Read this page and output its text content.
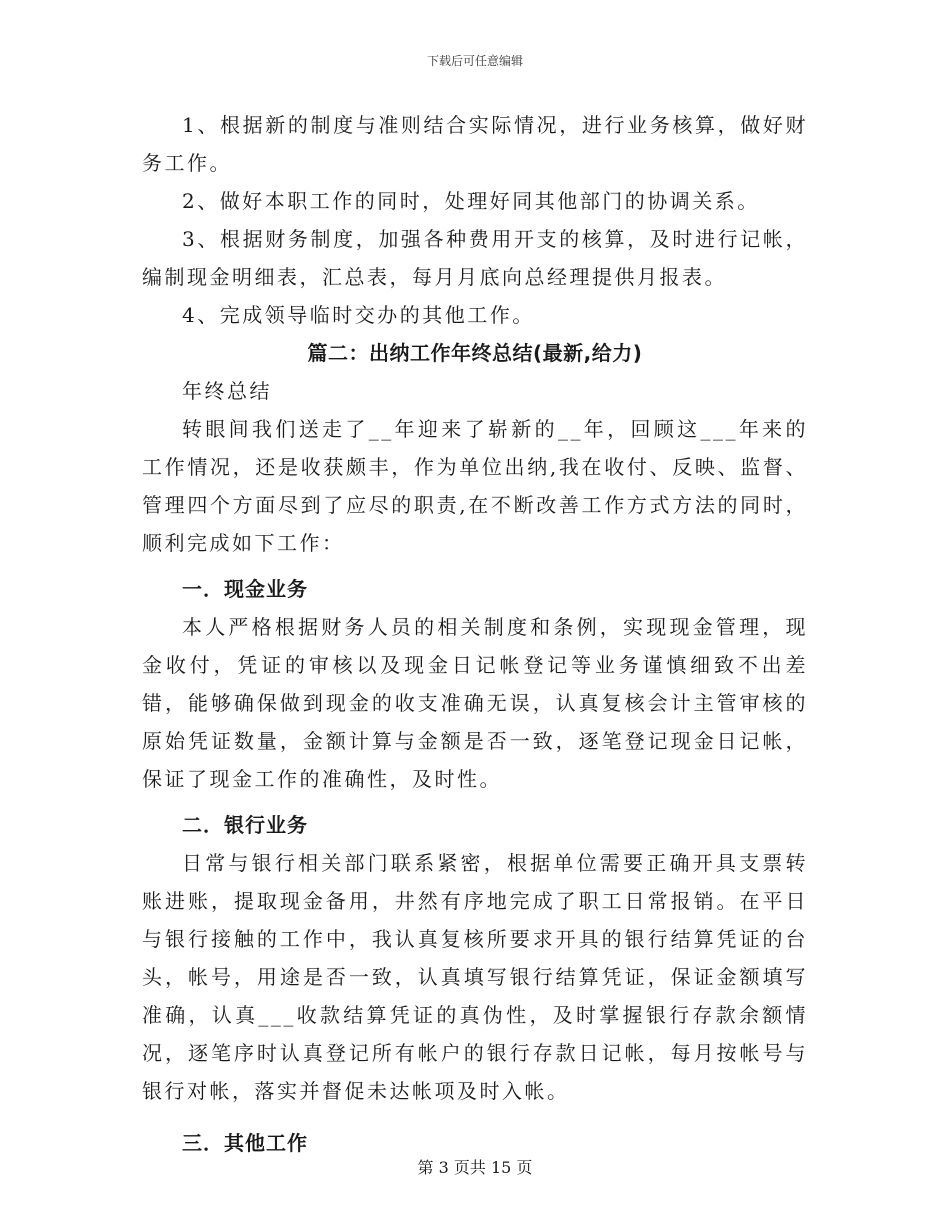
下载后可任意编辑

1、根据新的制度与准则结合实际情况，进行业务核算，做好财务工作。

2、做好本职工作的同时，处理好同其他部门的协调关系。

3、根据财务制度，加强各种费用开支的核算，及时进行记帐，编制现金明细表，汇总表，每月月底向总经理提供月报表。

4、完成领导临时交办的其他工作。

篇二：出纳工作年终总结(最新,给力)

年终总结

转眼间我们送走了__年迎来了崭新的__年，回顾这___年来的工作情况，还是收获颇丰，作为单位出纳,我在收付、反映、监督、管理四个方面尽到了应尽的职责,在不断改善工作方式方法的同时，顺利完成如下工作：

一．现金业务

本人严格根据财务人员的相关制度和条例，实现现金管理，现金收付，凭证的审核以及现金日记帐登记等业务谨慎细致不出差错，能够确保做到现金的收支准确无误，认真复核会计主管审核的原始凭证数量，金额计算与金额是否一致，逐笔登记现金日记帐，保证了现金工作的准确性，及时性。

二．银行业务

日常与银行相关部门联系紧密，根据单位需要正确开具支票转账进账，提取现金备用，井然有序地完成了职工日常报销。在平日与银行接触的工作中，我认真复核所要求开具的银行结算凭证的台头，帐号，用途是否一致，认真填写银行结算凭证，保证金额填写准确，认真___收款结算凭证的真伪性，及时掌握银行存款余额情况，逐笔序时认真登记所有帐户的银行存款日记帐，每月按帐号与银行对帐，落实并督促未达帐项及时入帐。

三．其他工作

第 3 页共 15 页
